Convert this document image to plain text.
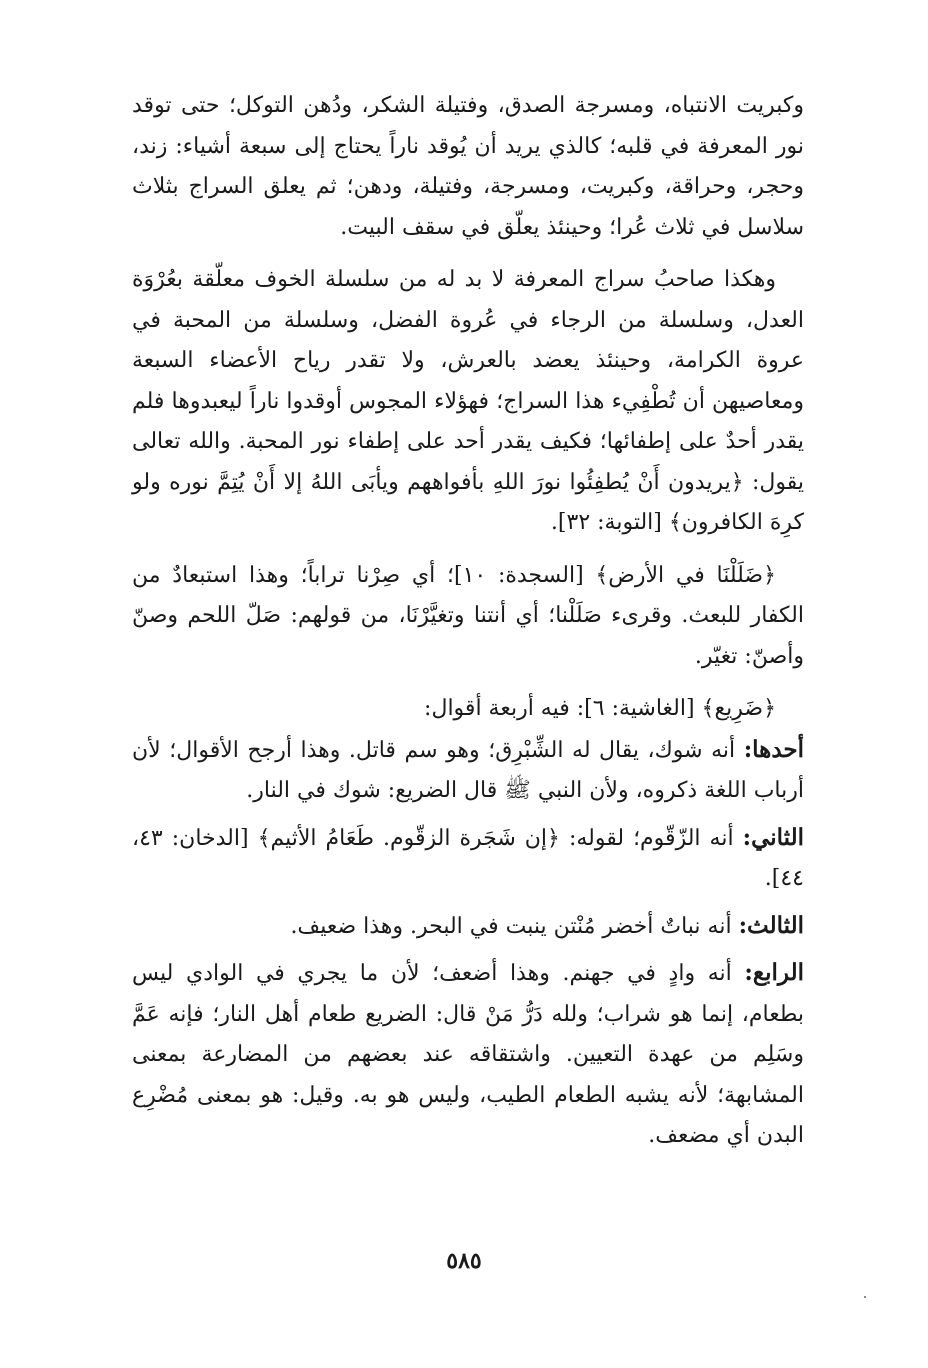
وكبريت الانتباه، ومسرجة الصدق، وفتيلة الشكر، ودُهن التوكل؛ حتى توقد نور المعرفة في قلبه؛ كالذي يريد أن يُوقد ناراً يحتاج إلى سبعة أشياء: زند، وحجر، وحراقة، وكبريت، ومسرجة، وفتيلة، ودهن؛ ثم يعلق السراج بثلاث سلاسل في ثلاث عُرا؛ وحينئذ يعلّق في سقف البيت.

وهكذا صاحبُ سراج المعرفة لا بد له من سلسلة الخوف معلّقة بعُرْوَة العدل، وسلسلة من الرجاء في عُروة الفضل، وسلسلة من المحبة في عروة الكرامة، وحينئذ يعضد بالعرش، ولا تقدر رياح الأعضاء السبعة ومعاصيهن أن تُطْفِيء هذا السراج؛ فهؤلاء المجوس أوقدوا ناراً ليعبدوها فلم يقدر أحدٌ على إطفائها؛ فكيف يقدر أحد على إطفاء نور المحبة. والله تعالى يقول: ﴿يريدون أَنْ يُطفِئُوا نورَ اللهِ بأفواههم ويأبَى اللهُ إلا أَنْ يُتِمَّ نوره ولو كرِهَ الكافرون﴾ [التوبة: ٣٢].

﴿ضَلَلْنَا في الأرض﴾ [السجدة: ١٠]؛ أي صِرْنا تراباً؛ وهذا استبعادٌ من الكفار للبعث. وقرىء صَلَلْنا؛ أي أنتنا وتغيَّرْنَا، من قولهم: صَلّ اللحم وصنّ وأصنّ: تغيّر.

﴿ضَرِيع﴾ [الغاشية: ٦]: فيه أربعة أقوال:

أحدها: أنه شوك، يقال له الشِّبْرِق؛ وهو سم قاتل. وهذا أرجح الأقوال؛ لأن أرباب اللغة ذكروه، ولأن النبي ﷺ قال الضريع: شوك في النار.

الثاني: أنه الزّقّوم؛ لقوله: ﴿إن شَجَرة الزقّوم. طَعَامُ الأثيم﴾ [الدخان: ٤٣، ٤٤].

الثالث: أنه نباتٌ أخضر مُنْتن ينبت في البحر. وهذا ضعيف.

الرابع: أنه وادٍ في جهنم. وهذا أضعف؛ لأن ما يجري في الوادي ليس بطعام، إنما هو شراب؛ ولله دَرُّ مَنْ قال: الضريع طعام أهل النار؛ فإنه عَمَّ وسَلِم من عهدة التعيين. واشتقاقه عند بعضهم من المضارعة بمعنى المشابهة؛ لأنه يشبه الطعام الطيب، وليس هو به. وقيل: هو بمعنى مُضْرِع البدن أي مضعف.

٥٨٥
